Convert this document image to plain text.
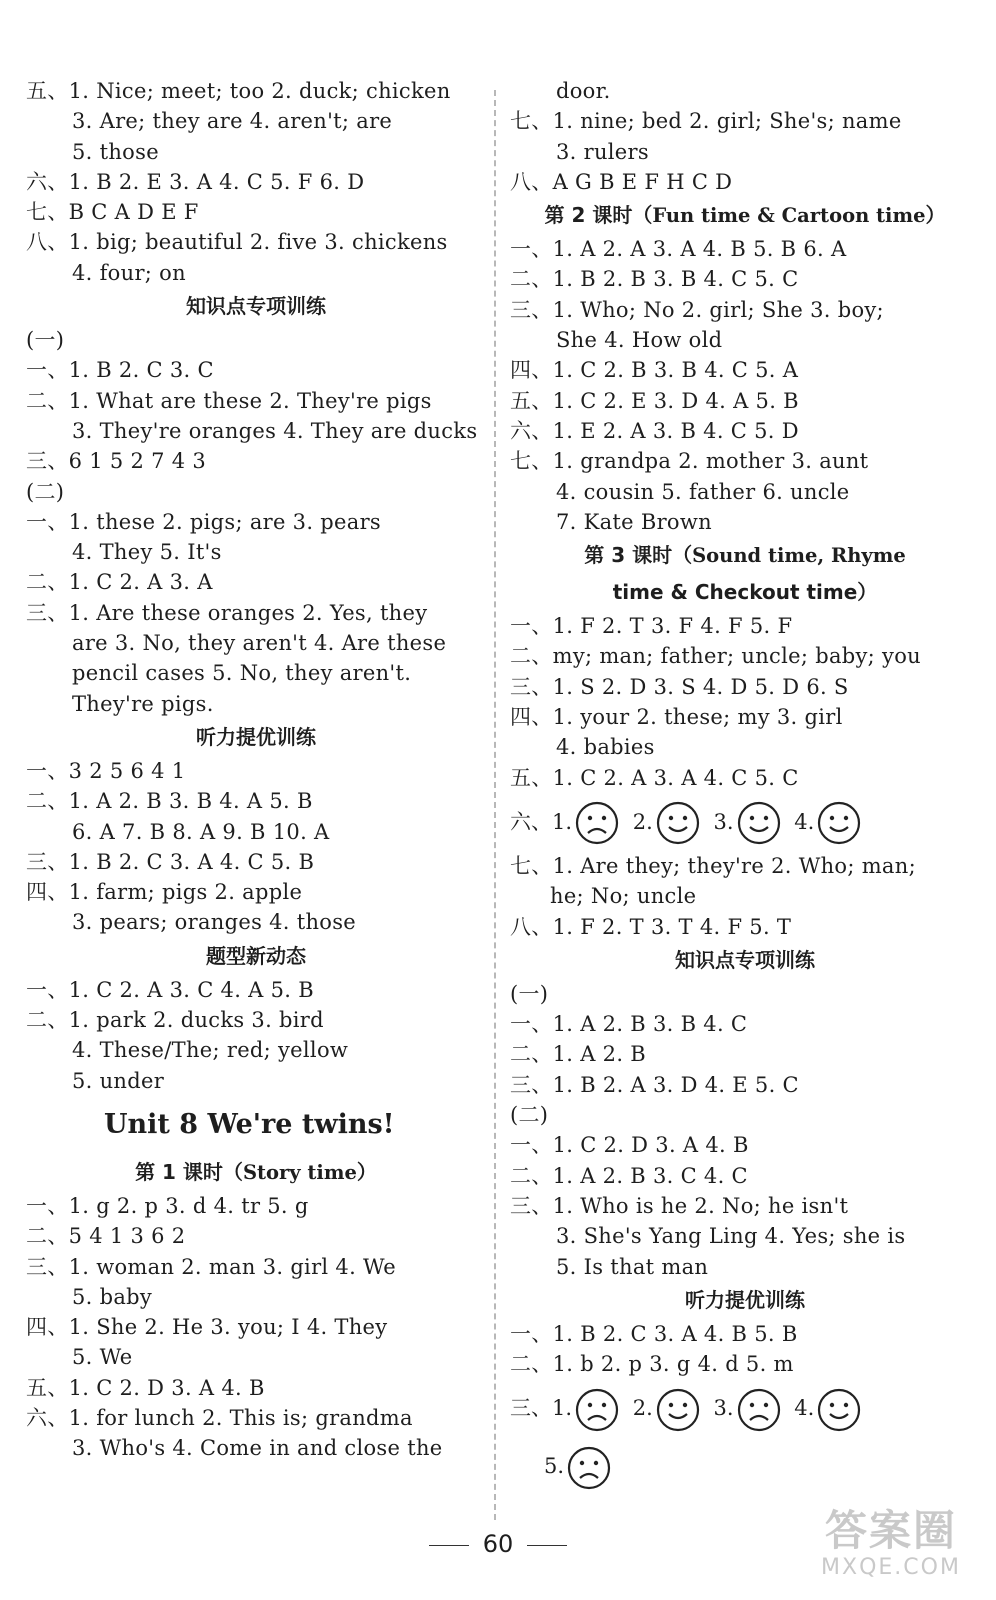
五、1. Nice; meet; too 2. duck; chicken
3. Are; they are 4. aren't; are
5. those
六、1. B 2. E 3. A 4. C 5. F 6. D
七、B C A D E F
八、1. big; beautiful 2. five 3. chickens
4. four; on
知识点专项训练
(一)
一、1. B 2. C 3. C
二、1. What are these 2. They're pigs
3. They're oranges 4. They are ducks
三、6 1 5 2 7 4 3
(二)
一、1. these 2. pigs; are 3. pears
4. They 5. It's
二、1. C 2. A 3. A
三、1. Are these oranges 2. Yes, they
are 3. No, they aren't 4. Are these
pencil cases 5. No, they aren't.
They're pigs.
听力提优训练
一、3 2 5 6 4 1
二、1. A 2. B 3. B 4. A 5. B
6. A 7. B 8. A 9. B 10. A
三、1. B 2. C 3. A 4. C 5. B
四、1. farm; pigs 2. apple
3. pears; oranges 4. those
题型新动态
一、1. C 2. A 3. C 4. A 5. B
二、1. park 2. ducks 3. bird
4. These/The; red; yellow
5. under
Unit 8 We're twins!
第 1 课时（Story time）
一、1. g 2. p 3. d 4. tr 5. g
二、5 4 1 3 6 2
三、1. woman 2. man 3. girl 4. We
5. baby
四、1. She 2. He 3. you; I 4. They
5. We
五、1. C 2. D 3. A 4. B
六、1. for lunch 2. This is; grandma
3. Who's 4. Come in and close the
door.
七、1. nine; bed 2. girl; She's; name
3. rulers
八、A G B E F H C D
第 2 课时（Fun time & Cartoon time）
一、1. A 2. A 3. A 4. B 5. B 6. A
二、1. B 2. B 3. B 4. C 5. C
三、1. Who; No 2. girl; She 3. boy;
She 4. How old
四、1. C 2. B 3. B 4. C 5. A
五、1. C 2. E 3. D 4. A 5. B
六、1. E 2. A 3. B 4. C 5. D
七、1. grandpa 2. mother 3. aunt
4. cousin 5. father 6. uncle
7. Kate Brown
第 3 课时（Sound time, Rhyme
time & Checkout time）
一、1. F 2. T 3. F 4. F 5. F
二、my; man; father; uncle; baby; you
三、1. S 2. D 3. S 4. D 5. D 6. S
四、1. your 2. these; my 3. girl
4. babies
五、1. C 2. A 3. A 4. C 5. C
六、1.	2.	3.	4.
七、1. Are they; they're 2. Who; man;
he; No; uncle
八、1. F 2. T 3. T 4. F 5. T
知识点专项训练
(一)
一、1. A 2. B 3. B 4. C
二、1. A 2. B
三、1. B 2. A 3. D 4. E 5. C
(二)
一、1. C 2. D 3. A 4. B
二、1. A 2. B 3. C 4. C
三、1. Who is he 2. No; he isn't
3. She's Yang Ling 4. Yes; she is
5. Is that man
听力提优训练
一、1. B 2. C 3. A 4. B 5. B
二、1. b 2. p 3. g 4. d 5. m
三、1.	2.	3.	4.
5.
60	答案圈
MXQE.COM
